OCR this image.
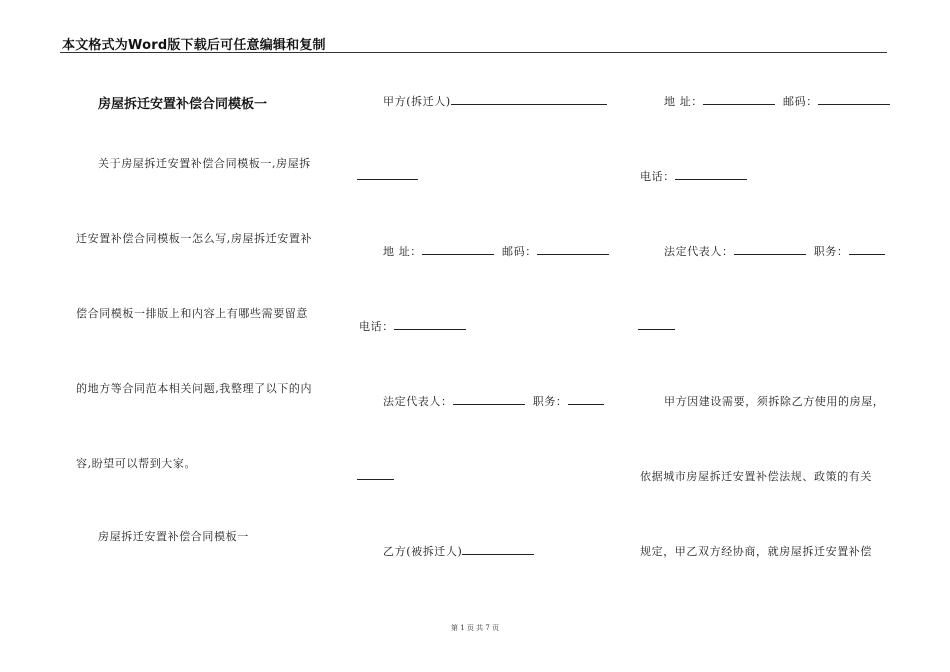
本文格式为Word版下载后可任意编辑和复制
房屋拆迁安置补偿合同模板一
关于房屋拆迁安置补偿合同模板一,房屋拆
迁安置补偿合同模板一怎么写,房屋拆迁安置补
偿合同模板一排版上和内容上有哪些需要留意
的地方等合同范本相关问题,我整理了以下的内
容,盼望可以帮到大家。
房屋拆迁安置补偿合同模板一
甲方(拆迁人)
地 址：	邮码：
电话：
法定代表人：	职务：
乙方(被拆迁人)
地 址：	邮码：
电话：
法定代表人：	职务：
甲方因建设需要，须拆除乙方使用的房屋，
依据城市房屋拆迁安置补偿法规、政策的有关
规定，甲乙双方经协商，就房屋拆迁安置补偿
第 1 页 共 7 页
